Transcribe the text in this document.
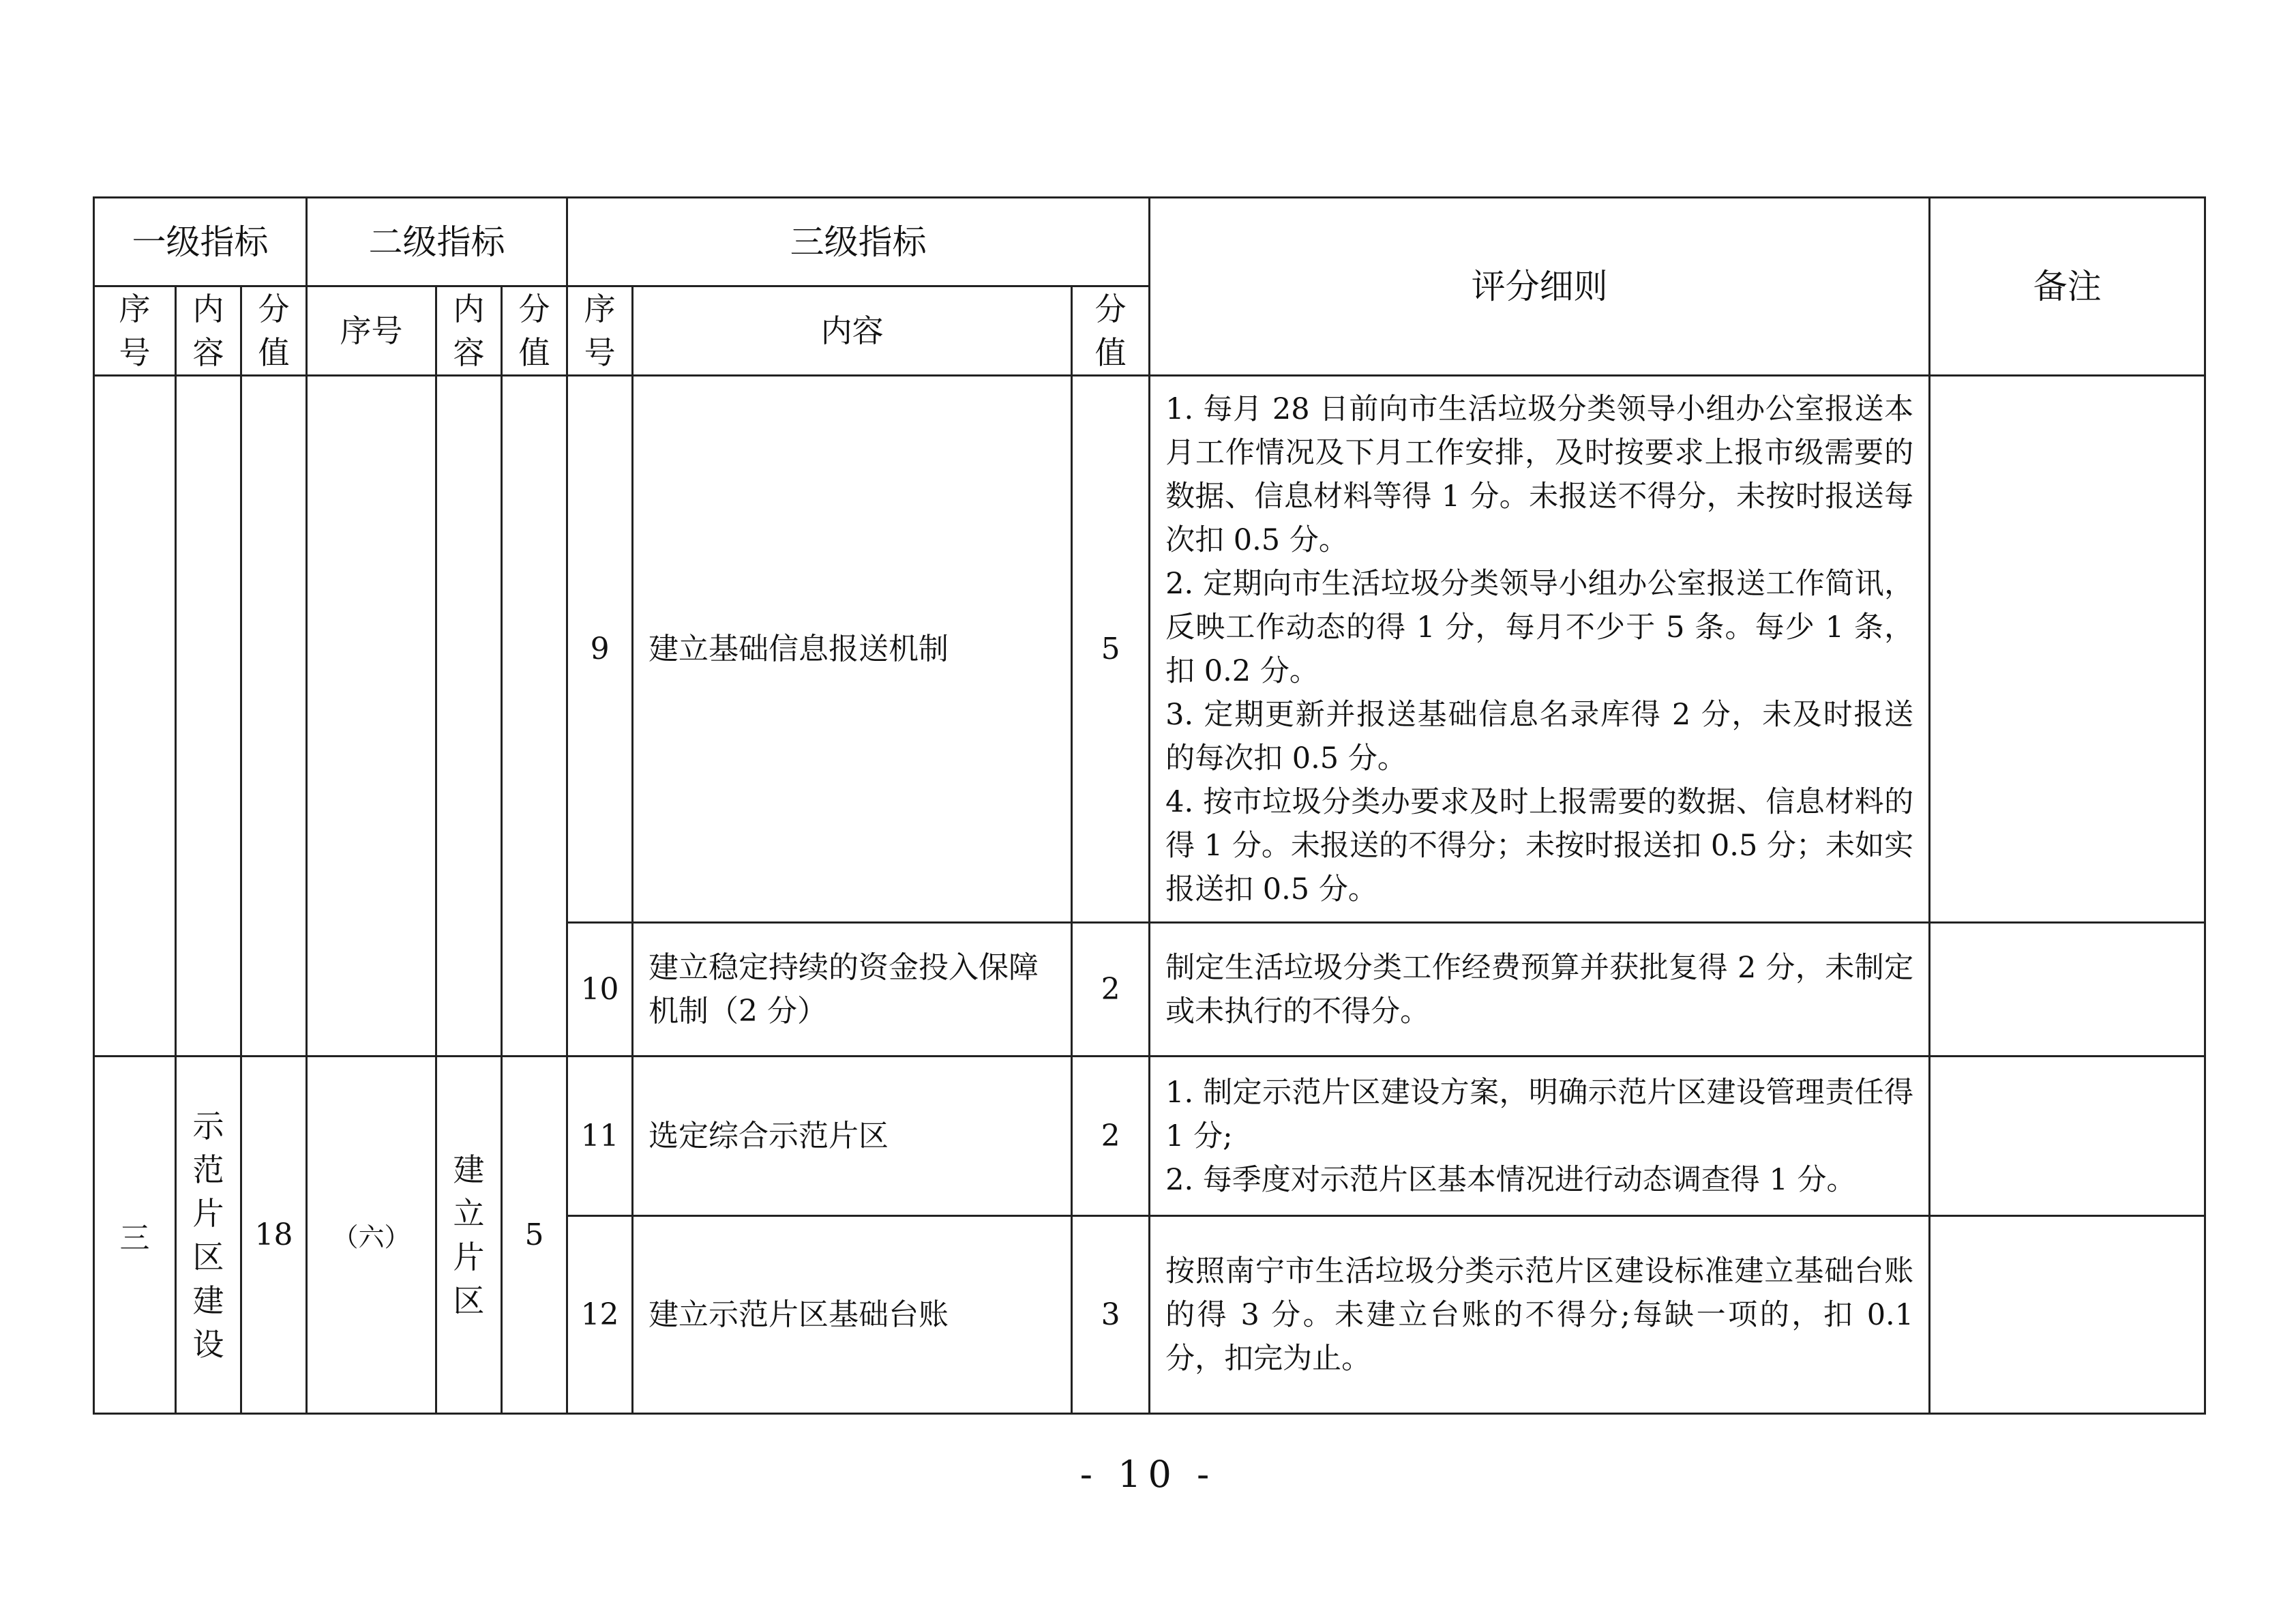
一级指标			二级指标			三级指标			评分细则	备注
序号	内容	分值	序号	内容	分值	序号	内容	分值		
						9	建立基础信息报送机制	5	1. 每月 28 日前向市生活垃圾分类领导小组办公室报送本月工作情况及下月工作安排，及时按要求上报市级需要的数据、信息材料等得 1 分。未报送不得分，未按时报送每次扣 0.5 分。

2. 定期向市生活垃圾分类领导小组办公室报送工作简讯，反映工作动态的得 1 分，每月不少于 5 条。每少 1 条，扣 0.2 分。

3. 定期更新并报送基础信息名录库得 2 分，未及时报送的每次扣 0.5 分。

4. 按市垃圾分类办要求及时上报需要的数据、信息材料的得 1 分。未报送的不得分；未按时报送扣 0.5 分；未如实报送扣 0.5 分。	

						10	建立稳定持续的资金投入保障机制（2 分）	2	制定生活垃圾分类工作经费预算并获批复得 2 分，未制定或未执行的不得分。	

三	示范片区建设	18	（六）	建立片区	5	11	选定综合示范片区	2	1. 制定示范片区建设方案，明确示范片区建设管理责任得 1 分;

2. 每季度对示范片区基本情况进行动态调查得 1 分。	

						12	建立示范片区基础台账	3	按照南宁市生活垃圾分类示范片区建设标准建立基础台账的得 3 分。未建立台账的不得分;每缺一项的，扣 0.1 分，扣完为止。	

- 10 -
